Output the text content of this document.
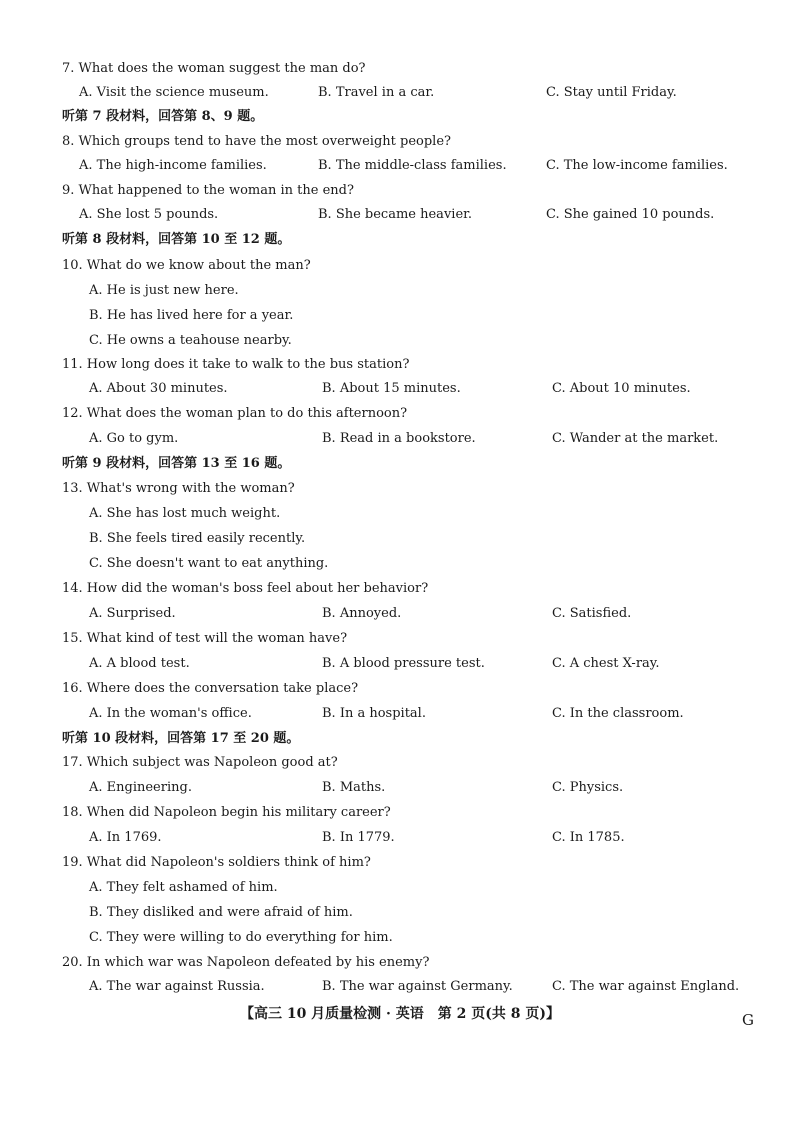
7. What does the woman suggest the man do?
A. Visit the science museum.	B. Travel in a car.	C. Stay until Friday.
听第 7 段材料，回答第 8、9 题。
8. Which groups tend to have the most overweight people?
A. The high-income families.	B. The middle-class families.	C. The low-income families.
9. What happened to the woman in the end?
A. She lost 5 pounds.	B. She became heavier.	C. She gained 10 pounds.
听第 8 段材料，回答第 10 至 12 题。
10. What do we know about the man?
A. He is just new here.
B. He has lived here for a year.
C. He owns a teahouse nearby.
11. How long does it take to walk to the bus station?
A. About 30 minutes.	B. About 15 minutes.	C. About 10 minutes.
12. What does the woman plan to do this afternoon?
A. Go to gym.	B. Read in a bookstore.	C. Wander at the market.
听第 9 段材料，回答第 13 至 16 题。
13. What's wrong with the woman?
A. She has lost much weight.
B. She feels tired easily recently.
C. She doesn't want to eat anything.
14. How did the woman's boss feel about her behavior?
A. Surprised.	B. Annoyed.	C. Satisfied.
15. What kind of test will the woman have?
A. A blood test.	B. A blood pressure test.	C. A chest X-ray.
16. Where does the conversation take place?
A. In the woman's office.	B. In a hospital.	C. In the classroom.
听第 10 段材料，回答第 17 至 20 题。
17. Which subject was Napoleon good at?
A. Engineering.	B. Maths.	C. Physics.
18. When did Napoleon begin his military career?
A. In 1769.	B. In 1779.	C. In 1785.
19. What did Napoleon's soldiers think of him?
A. They felt ashamed of him.
B. They disliked and were afraid of him.
C. They were willing to do everything for him.
20. In which war was Napoleon defeated by his enemy?
A. The war against Russia.	B. The war against Germany.	C. The war against England.
【高三 10 月质量检测 · 英语　第 2 页(共 8 页)】	G
